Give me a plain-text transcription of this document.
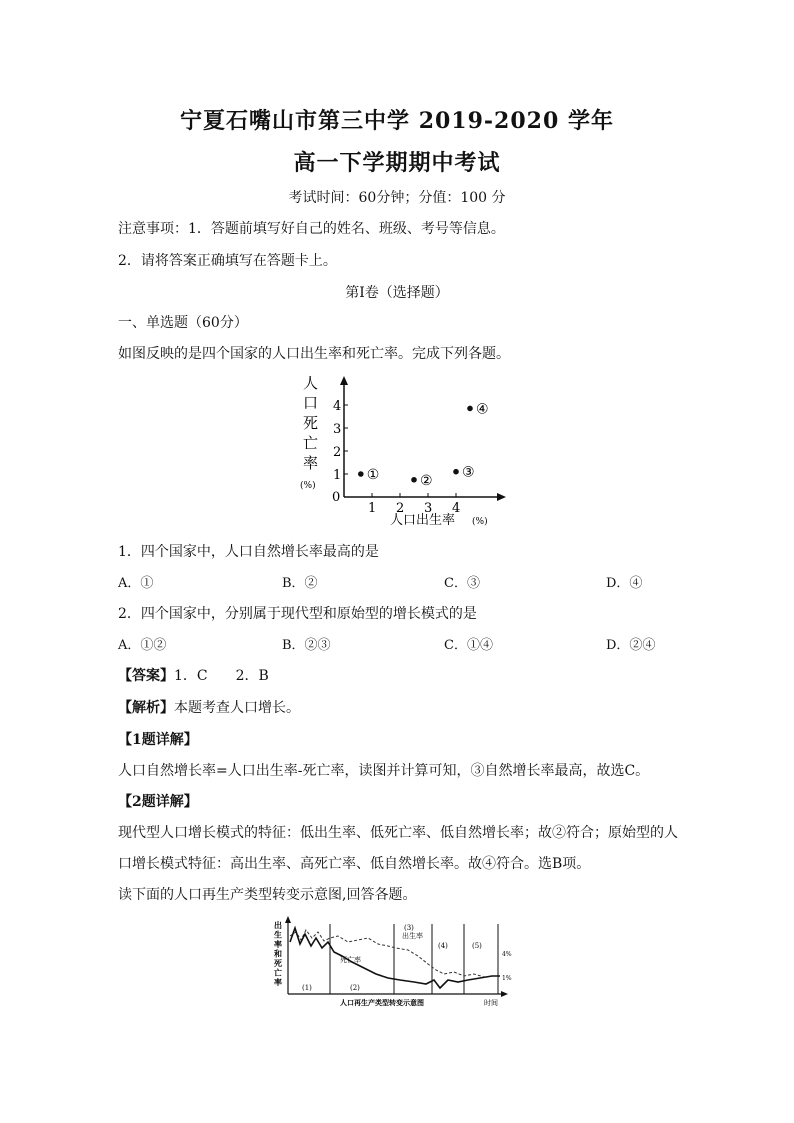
宁夏石嘴山市第三中学 2019-2020 学年
高一下学期期中考试
考试时间：60分钟；分值：100 分
注意事项：1．答题前填写好自己的姓名、班级、考号等信息。
2．请将答案正确填写在答题卡上。
第I卷（选择题）
一、单选题（60分）
如图反映的是四个国家的人口出生率和死亡率。完成下列各题。
人
口
死
亡
率
(%)
0
1
2
3
4
1 2 3 4
①	②
③
④
人口出生率 (%)
1．四个国家中，人口自然增长率最高的是
A．①	B．②	C．③	D．④
2．四个国家中，分别属于现代型和原始型的增长模式的是
A．①②	B．②③	C．①④	D．②④
【答案】1．C　　2．B
【解析】本题考查人口增长。
【1题详解】
人口自然增长率=人口出生率-死亡率，读图并计算可知，③自然增长率最高，故选C。
【2题详解】
现代型人口增长模式的特征：低出生率、低死亡率、低自然增长率；故②符合；原始型的人
口增长模式特征：高出生率、高死亡率、低自然增长率。故④符合。选B项。
读下面的人口再生产类型转变示意图,回答各题。
出
生
率
和
死
亡
率
(1)	(2)
(3)
(4)	(5)
出生率
死亡率
4%
1%
人口再生产类型转变示意图	时间
